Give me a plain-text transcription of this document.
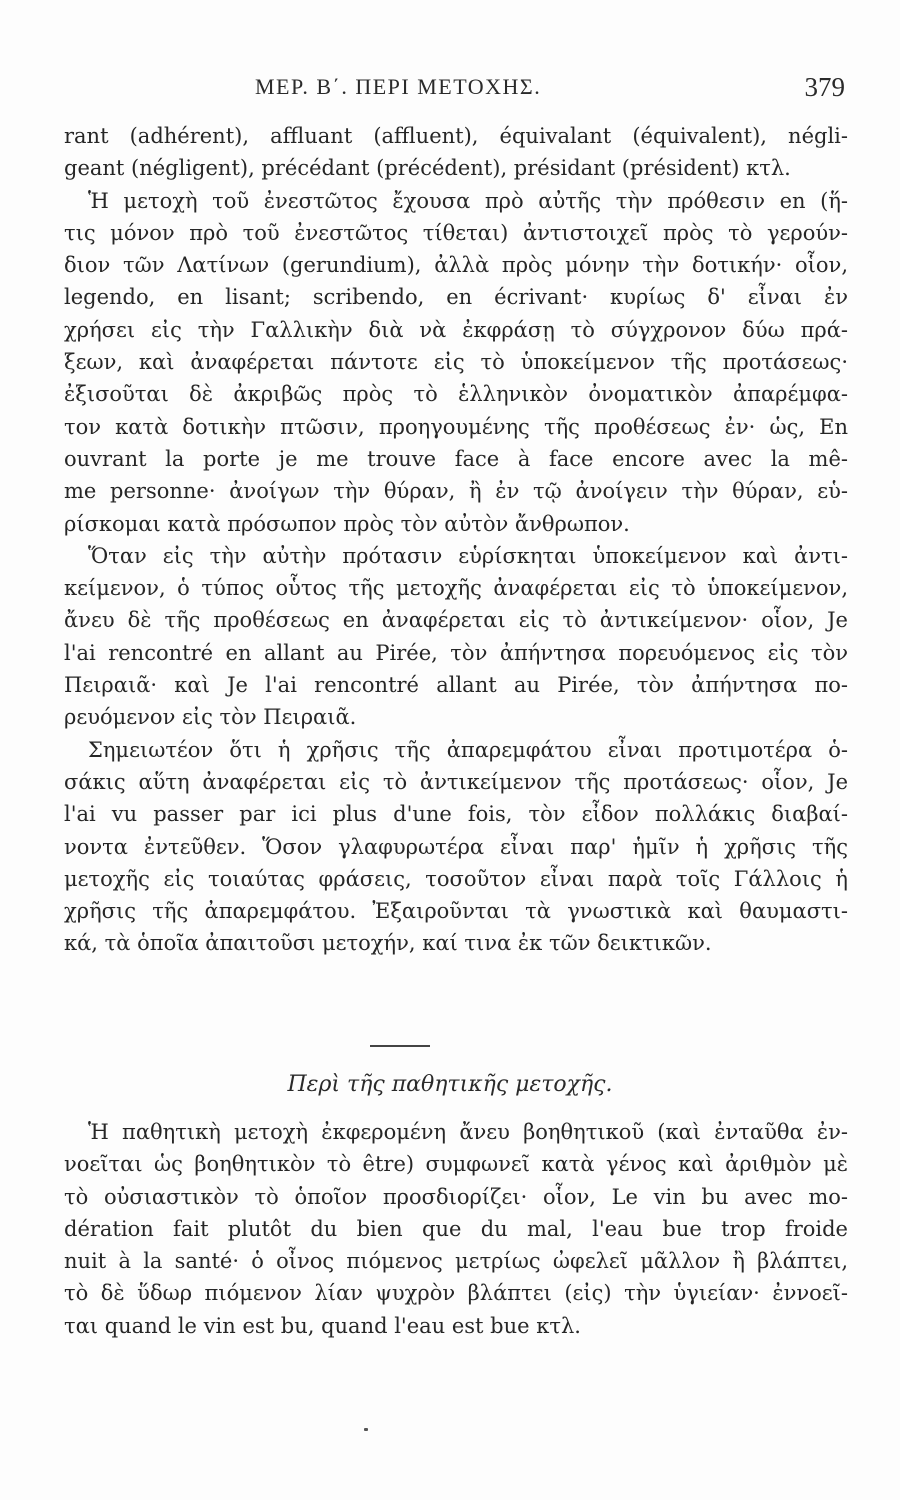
ΜΕΡ. Β΄. ΠΕΡΙ ΜΕΤΟΧΗΣ.	379
rant (adhérent), affluant (affluent), équivalant (équivalent), négli-
geant (négligent), précédant (précédent), présidant (président) κτλ.
Ἡ μετοχὴ τοῦ ἐνεστῶτος ἔχουσα πρὸ αὐτῆς τὴν πρόθεσιν en (ἥ-
τις μόνον πρὸ τοῦ ἐνεστῶτος τίθεται) ἀντιστοιχεῖ πρὸς τὸ γερούν-
διον τῶν Λατίνων (gerundium), ἀλλὰ πρὸς μόνην τὴν δοτικήν· οἷον,
legendo, en lisant; scribendo, en écrivant· κυρίως δ' εἶναι ἐν
χρήσει εἰς τὴν Γαλλικὴν διὰ νὰ ἐκφράσῃ τὸ σύγχρονον δύω πρά-
ξεων, καὶ ἀναφέρεται πάντοτε εἰς τὸ ὑποκείμενον τῆς προτάσεως·
ἐξισοῦται δὲ ἀκριβῶς πρὸς τὸ ἑλληνικὸν ὀνοματικὸν ἀπαρέμφα-
τον κατὰ δοτικὴν πτῶσιν, προηγουμένης τῆς προθέσεως ἐν· ὡς, En
ouvrant la porte je me trouve face à face encore avec la mê-
me personne· ἀνοίγων τὴν θύραν, ἢ ἐν τῷ ἀνοίγειν τὴν θύραν, εὑ-
ρίσκομαι κατὰ πρόσωπον πρὸς τὸν αὐτὸν ἄνθρωπον.
Ὅταν εἰς τὴν αὐτὴν πρότασιν εὑρίσκηται ὑποκείμενον καὶ ἀντι-
κείμενον, ὁ τύπος οὗτος τῆς μετοχῆς ἀναφέρεται εἰς τὸ ὑποκείμενον,
ἄνευ δὲ τῆς προθέσεως en ἀναφέρεται εἰς τὸ ἀντικείμενον· οἷον, Je
l'ai rencontré en allant au Pirée, τὸν ἀπήντησα πορευόμενος εἰς τὸν
Πειραιᾶ· καὶ Je l'ai rencontré allant au Pirée, τὸν ἀπήντησα πο-
ρευόμενον εἰς τὸν Πειραιᾶ.
Σημειωτέον ὅτι ἡ χρῆσις τῆς ἀπαρεμφάτου εἶναι προτιμοτέρα ὁ-
σάκις αὕτη ἀναφέρεται εἰς τὸ ἀντικείμενον τῆς προτάσεως· οἷον, Je
l'ai vu passer par ici plus d'une fois, τὸν εἶδον πολλάκις διαβαί-
νοντα ἐντεῦθεν. Ὅσον γλαφυρωτέρα εἶναι παρ' ἡμῖν ἡ χρῆσις τῆς
μετοχῆς εἰς τοιαύτας φράσεις, τοσοῦτον εἶναι παρὰ τοῖς Γάλλοις ἡ
χρῆσις τῆς ἀπαρεμφάτου. Ἐξαιροῦνται τὰ γνωστικὰ καὶ θαυμαστι-
κά, τὰ ὁποῖα ἀπαιτοῦσι μετοχήν, καί τινα ἐκ τῶν δεικτικῶν.
Περὶ τῆς παθητικῆς μετοχῆς.
Ἡ παθητικὴ μετοχὴ ἐκφερομένη ἄνευ βοηθητικοῦ (καὶ ἐνταῦθα ἐν-
νοεῖται ὡς βοηθητικὸν τὸ être) συμφωνεῖ κατὰ γένος καὶ ἀριθμὸν μὲ
τὸ οὐσιαστικὸν τὸ ὁποῖον προσδιορίζει· οἷον, Le vin bu avec mo-
dération fait plutôt du bien que du mal, l'eau bue trop froide
nuit à la santé· ὁ οἶνος πιόμενος μετρίως ὠφελεῖ μᾶλλον ἢ βλάπτει,
τὸ δὲ ὕδωρ πιόμενον λίαν ψυχρὸν βλάπτει (εἰς) τὴν ὑγιείαν· ἐννοεῖ-
ται quand le vin est bu, quand l'eau est bue κτλ.
